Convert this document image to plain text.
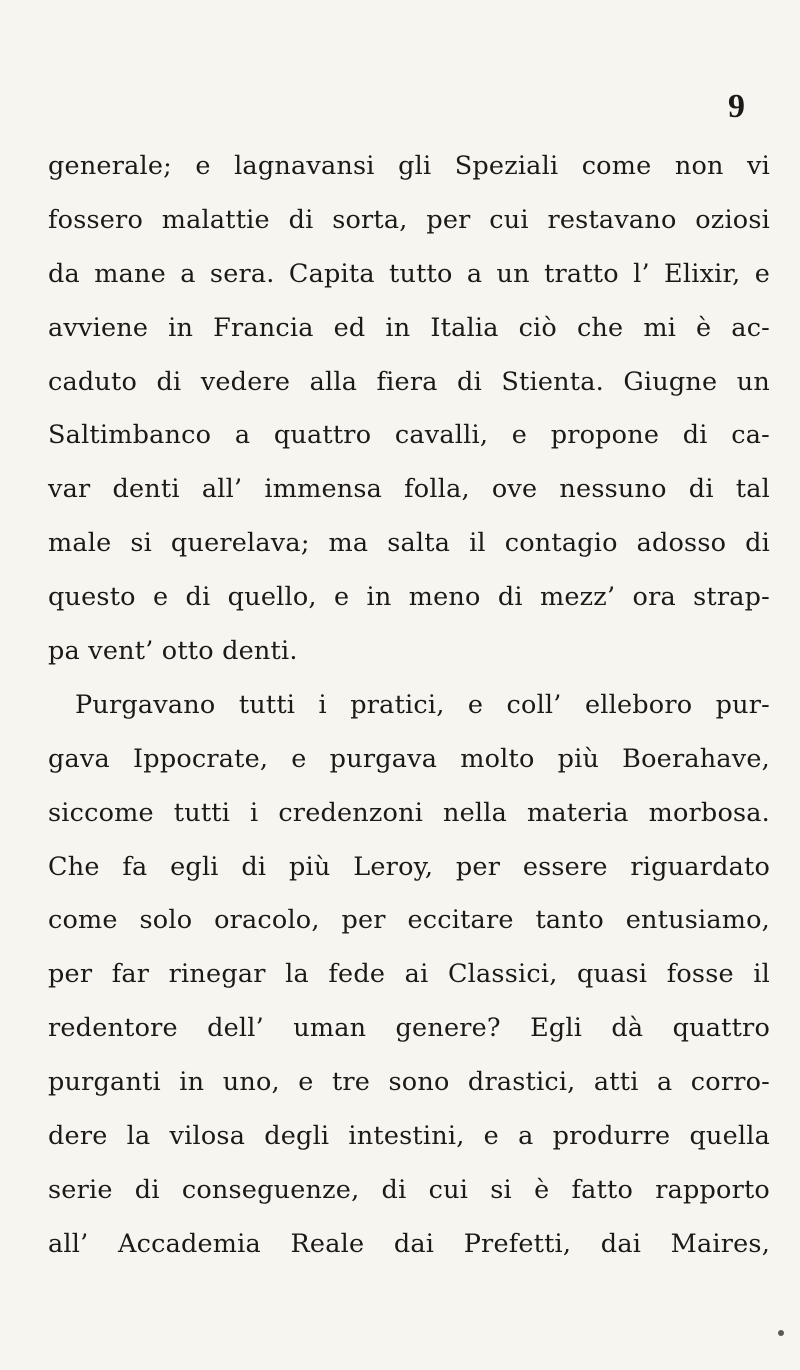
9
generale; e lagnavansi gli Speziali come non vi
fossero malattie di sorta, per cui restavano oziosi
da mane a sera. Capita tutto a un tratto l’ Elixir, e
avviene in Francia ed in Italia ciò che mi è ac-
caduto di vedere alla fiera di Stienta. Giugne un
Saltimbanco a quattro cavalli, e propone di ca-
var denti all’ immensa folla, ove nessuno di tal
male si querelava; ma salta il contagio adosso di
questo e di quello, e in meno di mezz’ ora strap-
pa vent’ otto denti.
Purgavano tutti i pratici, e coll’ elleboro pur-
gava Ippocrate, e purgava molto più Boerahave,
siccome tutti i credenzoni nella materia morbosa.
Che fa egli di più Leroy, per essere riguardato
come solo oracolo, per eccitare tanto entusiamo,
per far rinegar la fede ai Classici, quasi fosse il
redentore dell’ uman genere? Egli dà quattro
purganti in uno, e tre sono drastici, atti a corro-
dere la vilosa degli intestini, e a produrre quella
serie di conseguenze, di cui si è fatto rapporto
all’ Accademia Reale dai Prefetti, dai Maires,
